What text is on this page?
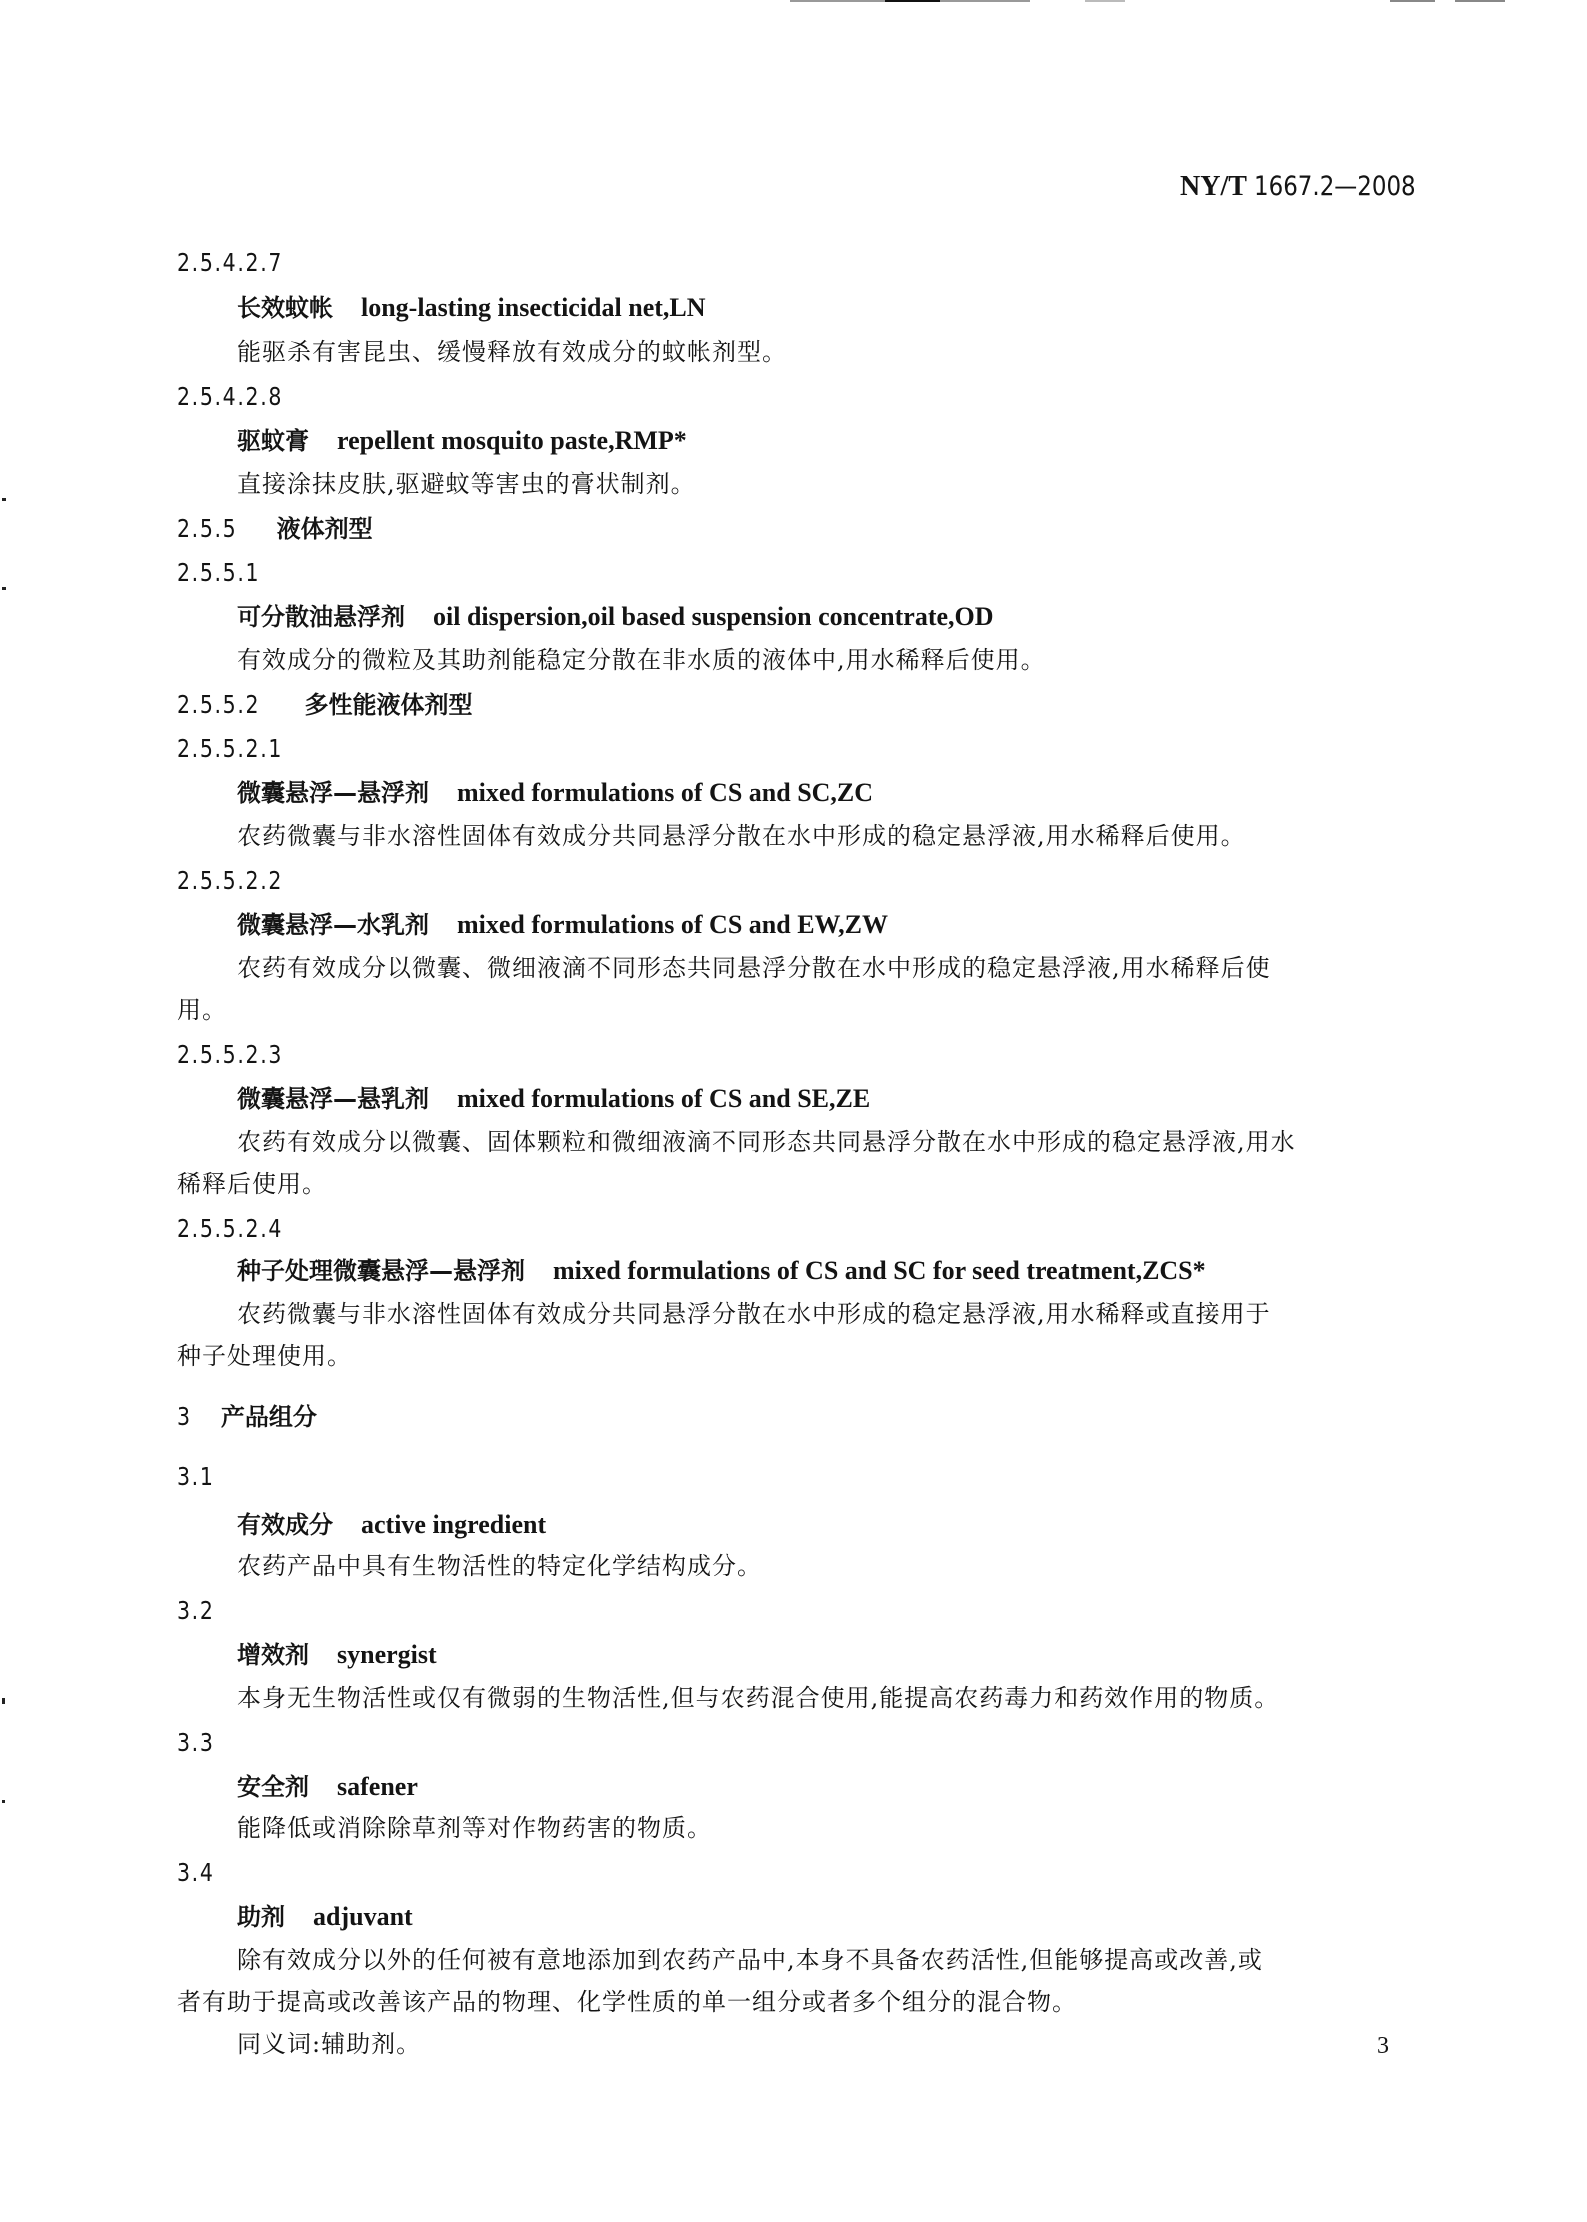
NY/T 1667.2—2008
2.5.4.2.7
长效蚊帐 long-lasting insecticidal net,LN
能驱杀有害昆虫、缓慢释放有效成分的蚊帐剂型。
2.5.4.2.8
驱蚊膏 repellent mosquito paste,RMP*
直接涂抹皮肤,驱避蚊等害虫的膏状制剂。
2.5.5 液体剂型
2.5.5.1
可分散油悬浮剂 oil dispersion,oil based suspension concentrate,OD
有效成分的微粒及其助剂能稳定分散在非水质的液体中,用水稀释后使用。
2.5.5.2 多性能液体剂型
2.5.5.2.1
微囊悬浮—悬浮剂 mixed formulations of CS and SC,ZC
农药微囊与非水溶性固体有效成分共同悬浮分散在水中形成的稳定悬浮液,用水稀释后使用。
2.5.5.2.2
微囊悬浮—水乳剂 mixed formulations of CS and EW,ZW
农药有效成分以微囊、微细液滴不同形态共同悬浮分散在水中形成的稳定悬浮液,用水稀释后使
用。
2.5.5.2.3
微囊悬浮—悬乳剂 mixed formulations of CS and SE,ZE
农药有效成分以微囊、固体颗粒和微细液滴不同形态共同悬浮分散在水中形成的稳定悬浮液,用水
稀释后使用。
2.5.5.2.4
种子处理微囊悬浮—悬浮剂 mixed formulations of CS and SC for seed treatment,ZCS*
农药微囊与非水溶性固体有效成分共同悬浮分散在水中形成的稳定悬浮液,用水稀释或直接用于
种子处理使用。
3 产品组分
3.1
有效成分 active ingredient
农药产品中具有生物活性的特定化学结构成分。
3.2
增效剂 synergist
本身无生物活性或仅有微弱的生物活性,但与农药混合使用,能提高农药毒力和药效作用的物质。
3.3
安全剂 safener
能降低或消除除草剂等对作物药害的物质。
3.4
助剂 adjuvant
除有效成分以外的任何被有意地添加到农药产品中,本身不具备农药活性,但能够提高或改善,或
者有助于提高或改善该产品的物理、化学性质的单一组分或者多个组分的混合物。
同义词:辅助剂。	3
